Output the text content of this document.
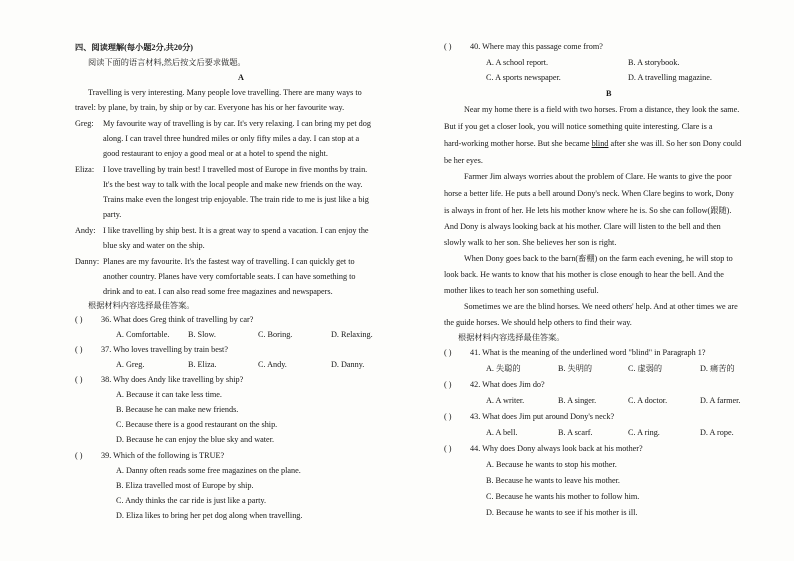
四、阅读理解(每小题2分,共20分)
阅读下面的语言材料,然后按文后要求做题。
A
Travelling is very interesting. Many people love travelling. There are many ways to
travel: by plane, by train, by ship or by car. Everyone has his or her favourite way.
Greg: My favourite way of travelling is by car. It's very relaxing. I can bring my pet dog
along. I can travel three hundred miles or only fifty miles a day. I can stop at a
good restaurant to enjoy a good meal or at a hotel to spend the night.
Eliza: I love travelling by train best! I travelled most of Europe in five months by train.
It's the best way to talk with the local people and make new friends on the way.
Trains make even the longest trip enjoyable. The train ride to me is just like a big
party.
Andy: I like travelling by ship best. It is a great way to spend a vacation. I can enjoy the
blue sky and water on the ship.
Danny: Planes are my favourite. It's the fastest way of travelling. I can quickly get to
another country. Planes have very comfortable seats. I can have something to
drink and to eat. I can also read some free magazines and newspapers.
根据材料内容选择最佳答案。
( ) 36. What does Greg think of travelling by car?
A. Comfortable. B. Slow.	C. Boring.	D. Relaxing.
( ) 37. Who loves travelling by train best?
A. Greg.	B. Eliza.	C. Andy.	D. Danny.
( ) 38. Why does Andy like travelling by ship?
A. Because it can take less time.
B. Because he can make new friends.
C. Because there is a good restaurant on the ship.
D. Because he can enjoy the blue sky and water.
( ) 39. Which of the following is TRUE?
A. Danny often reads some free magazines on the plane.
B. Eliza travelled most of Europe by ship.
C. Andy thinks the car ride is just like a party.
D. Eliza likes to bring her pet dog along when travelling.
( ) 40. Where may this passage come from?
A. A school report.	B. A storybook.
C. A sports newspaper.	D. A travelling magazine.
B
Near my home there is a field with two horses. From a distance, they look the same.
But if you get a closer look, you will notice something quite interesting. Clare is a
hard-working mother horse. But she became blind after she was ill. So her son Dony could
be her eyes.
Farmer Jim always worries about the problem of Clare. He wants to give the poor
horse a better life. He puts a bell around Dony's neck. When Clare begins to work, Dony
is always in front of her. He lets his mother know where he is. So she can follow(跟随).
And Dony is always looking back at his mother. Clare will listen to the bell and then
slowly walk to her son. She believes her son is right.
When Dony goes back to the barn(畜棚) on the farm each evening, he will stop to
look back. He wants to know that his mother is close enough to hear the bell. And the
mother likes to teach her son something useful.
Sometimes we are the blind horses. We need others' help. And at other times we are
the guide horses. We should help others to find their way.
根据材料内容选择最佳答案。
( ) 41. What is the meaning of the underlined word "blind" in Paragraph 1?
A. 失聪的	B. 失明的	C. 虚弱的	D. 痛苦的
( ) 42. What does Jim do?
A. A writer.	B. A singer.	C. A doctor.	D. A farmer.
( ) 43. What does Jim put around Dony's neck?
A. A bell.	B. A scarf.	C. A ring.	D. A rope.
( ) 44. Why does Dony always look back at his mother?
A. Because he wants to stop his mother.
B. Because he wants to leave his mother.
C. Because he wants his mother to follow him.
D. Because he wants to see if his mother is ill.
